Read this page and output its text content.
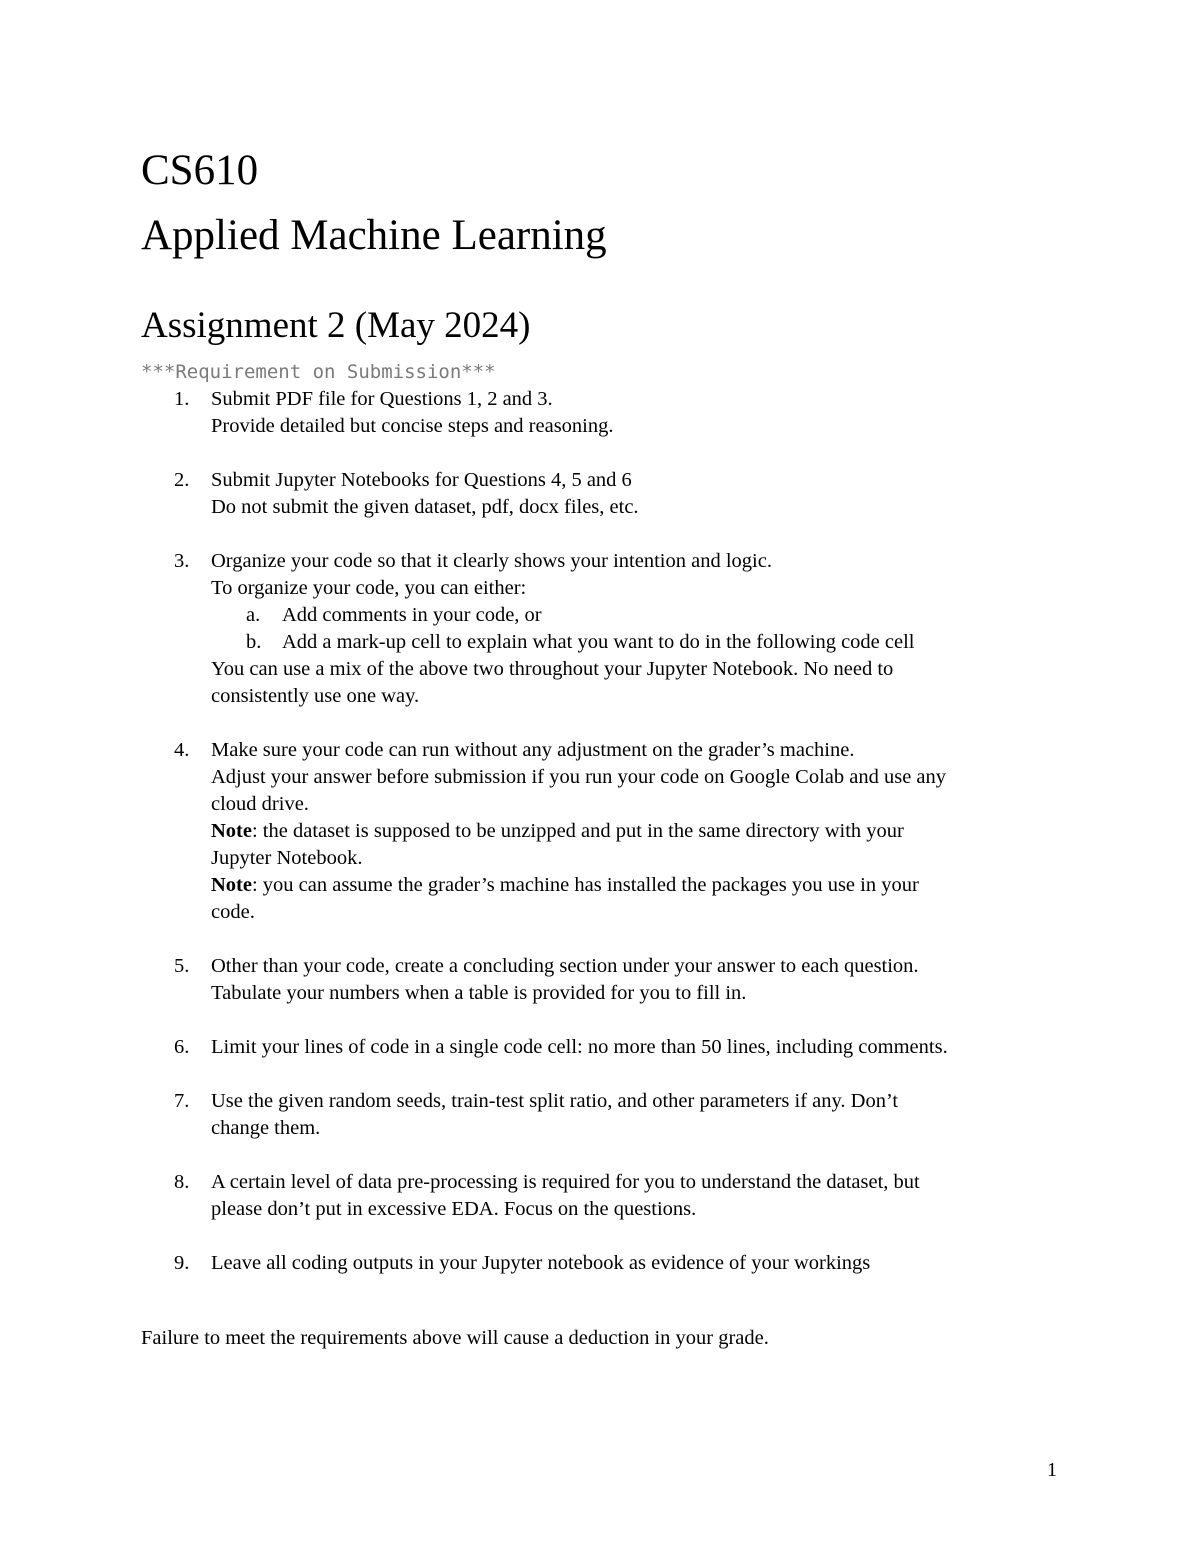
CS610
Applied Machine Learning
Assignment 2 (May 2024)
***Requirement on Submission***
1. Submit PDF file for Questions 1, 2 and 3.
Provide detailed but concise steps and reasoning.
2. Submit Jupyter Notebooks for Questions 4, 5 and 6
Do not submit the given dataset, pdf, docx files, etc.
3. Organize your code so that it clearly shows your intention and logic.
To organize your code, you can either:
a. Add comments in your code, or
b. Add a mark-up cell to explain what you want to do in the following code cell
You can use a mix of the above two throughout your Jupyter Notebook. No need to
consistently use one way.
4. Make sure your code can run without any adjustment on the grader’s machine.
Adjust your answer before submission if you run your code on Google Colab and use any
cloud drive.
Note: the dataset is supposed to be unzipped and put in the same directory with your
Jupyter Notebook.
Note: you can assume the grader’s machine has installed the packages you use in your
code.
5. Other than your code, create a concluding section under your answer to each question.
Tabulate your numbers when a table is provided for you to fill in.
6. Limit your lines of code in a single code cell: no more than 50 lines, including comments.
7. Use the given random seeds, train-test split ratio, and other parameters if any. Don’t
change them.
8. A certain level of data pre-processing is required for you to understand the dataset, but
please don’t put in excessive EDA. Focus on the questions.
9. Leave all coding outputs in your Jupyter notebook as evidence of your workings

Failure to meet the requirements above will cause a deduction in your grade.

1
